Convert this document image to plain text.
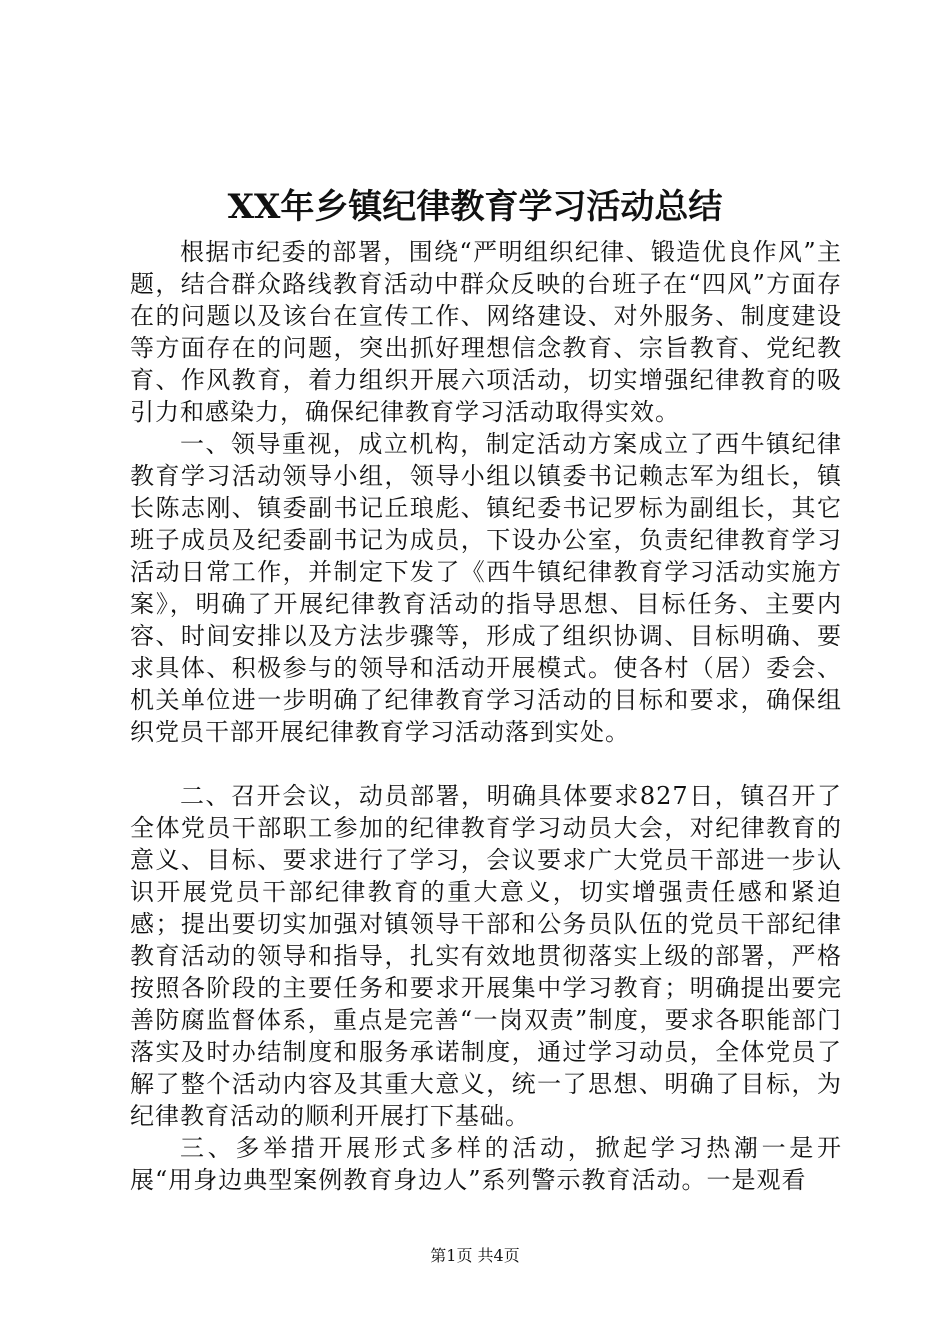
XX年乡镇纪律教育学习活动总结

根据市纪委的部署，围绕“严明组织纪律、锻造优良作风”主题，结合群众路线教育活动中群众反映的台班子在“四风”方面存在的问题以及该台在宣传工作、网络建设、对外服务、制度建设等方面存在的问题，突出抓好理想信念教育、宗旨教育、党纪教育、作风教育，着力组织开展六项活动，切实增强纪律教育的吸引力和感染力，确保纪律教育学习活动取得实效。

一、领导重视，成立机构，制定活动方案成立了西牛镇纪律教育学习活动领导小组，领导小组以镇委书记赖志军为组长，镇长陈志刚、镇委副书记丘琅彪、镇纪委书记罗标为副组长，其它班子成员及纪委副书记为成员，下设办公室，负责纪律教育学习活动日常工作，并制定下发了《西牛镇纪律教育学习活动实施方案》，明确了开展纪律教育活动的指导思想、目标任务、主要内容、时间安排以及方法步骤等，形成了组织协调、目标明确、要求具体、积极参与的领导和活动开展模式。使各村（居）委会、机关单位进一步明确了纪律教育学习活动的目标和要求，确保组织党员干部开展纪律教育学习活动落到实处。

二、召开会议，动员部署，明确具体要求827日，镇召开了全体党员干部职工参加的纪律教育学习动员大会，对纪律教育的意义、目标、要求进行了学习，会议要求广大党员干部进一步认识开展党员干部纪律教育的重大意义，切实增强责任感和紧迫感；提出要切实加强对镇领导干部和公务员队伍的党员干部纪律教育活动的领导和指导，扎实有效地贯彻落实上级的部署，严格按照各阶段的主要任务和要求开展集中学习教育；明确提出要完善防腐监督体系，重点是完善“一岗双责”制度，要求各职能部门落实及时办结制度和服务承诺制度，通过学习动员，全体党员了解了整个活动内容及其重大意义，统一了思想、明确了目标，为纪律教育活动的顺利开展打下基础。

三、多举措开展形式多样的活动，掀起学习热潮一是开展“用身边典型案例教育身边人”系列警示教育活动。一是观看

第1页 共4页
